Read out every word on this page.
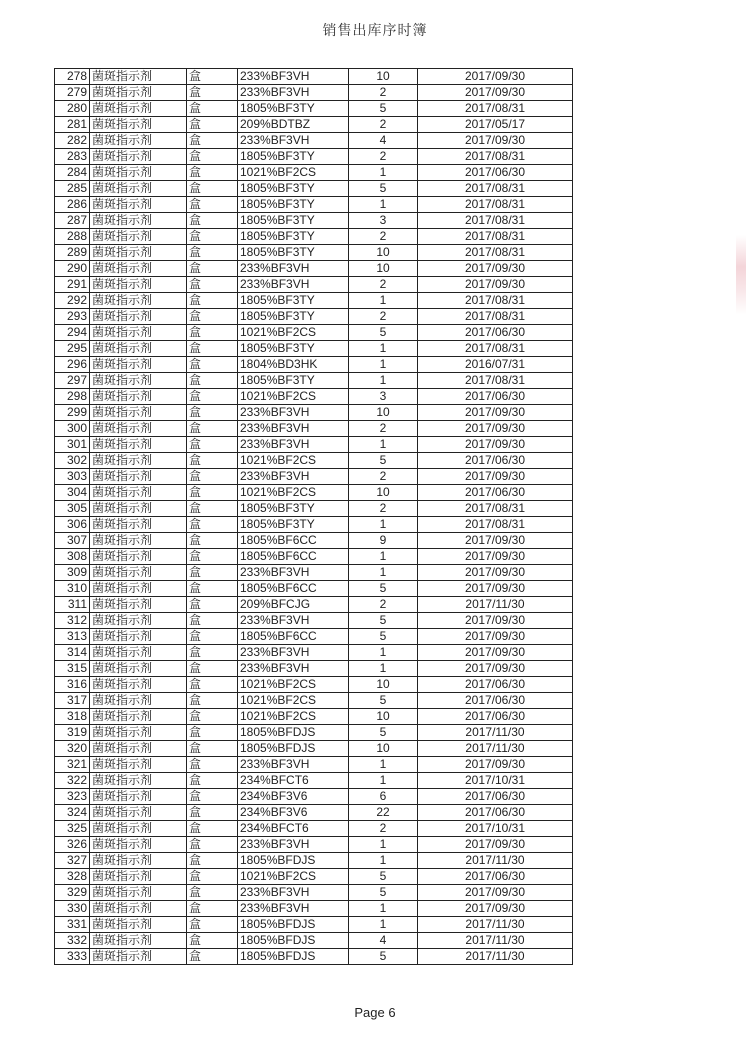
销售出库序时簿
278	菌斑指示剂	盒	233%BF3VH	10	2017/09/30
279	菌斑指示剂	盒	233%BF3VH	2	2017/09/30
280	菌斑指示剂	盒	1805%BF3TY	5	2017/08/31
281	菌斑指示剂	盒	209%BDTBZ	2	2017/05/17
282	菌斑指示剂	盒	233%BF3VH	4	2017/09/30
283	菌斑指示剂	盒	1805%BF3TY	2	2017/08/31
284	菌斑指示剂	盒	1021%BF2CS	1	2017/06/30
285	菌斑指示剂	盒	1805%BF3TY	5	2017/08/31
286	菌斑指示剂	盒	1805%BF3TY	1	2017/08/31
287	菌斑指示剂	盒	1805%BF3TY	3	2017/08/31
288	菌斑指示剂	盒	1805%BF3TY	2	2017/08/31
289	菌斑指示剂	盒	1805%BF3TY	10	2017/08/31
290	菌斑指示剂	盒	233%BF3VH	10	2017/09/30
291	菌斑指示剂	盒	233%BF3VH	2	2017/09/30
292	菌斑指示剂	盒	1805%BF3TY	1	2017/08/31
293	菌斑指示剂	盒	1805%BF3TY	2	2017/08/31
294	菌斑指示剂	盒	1021%BF2CS	5	2017/06/30
295	菌斑指示剂	盒	1805%BF3TY	1	2017/08/31
296	菌斑指示剂	盒	1804%BD3HK	1	2016/07/31
297	菌斑指示剂	盒	1805%BF3TY	1	2017/08/31
298	菌斑指示剂	盒	1021%BF2CS	3	2017/06/30
299	菌斑指示剂	盒	233%BF3VH	10	2017/09/30
300	菌斑指示剂	盒	233%BF3VH	2	2017/09/30
301	菌斑指示剂	盒	233%BF3VH	1	2017/09/30
302	菌斑指示剂	盒	1021%BF2CS	5	2017/06/30
303	菌斑指示剂	盒	233%BF3VH	2	2017/09/30
304	菌斑指示剂	盒	1021%BF2CS	10	2017/06/30
305	菌斑指示剂	盒	1805%BF3TY	2	2017/08/31
306	菌斑指示剂	盒	1805%BF3TY	1	2017/08/31
307	菌斑指示剂	盒	1805%BF6CC	9	2017/09/30
308	菌斑指示剂	盒	1805%BF6CC	1	2017/09/30
309	菌斑指示剂	盒	233%BF3VH	1	2017/09/30
310	菌斑指示剂	盒	1805%BF6CC	5	2017/09/30
311	菌斑指示剂	盒	209%BFCJG	2	2017/11/30
312	菌斑指示剂	盒	233%BF3VH	5	2017/09/30
313	菌斑指示剂	盒	1805%BF6CC	5	2017/09/30
314	菌斑指示剂	盒	233%BF3VH	1	2017/09/30
315	菌斑指示剂	盒	233%BF3VH	1	2017/09/30
316	菌斑指示剂	盒	1021%BF2CS	10	2017/06/30
317	菌斑指示剂	盒	1021%BF2CS	5	2017/06/30
318	菌斑指示剂	盒	1021%BF2CS	10	2017/06/30
319	菌斑指示剂	盒	1805%BFDJS	5	2017/11/30
320	菌斑指示剂	盒	1805%BFDJS	10	2017/11/30
321	菌斑指示剂	盒	233%BF3VH	1	2017/09/30
322	菌斑指示剂	盒	234%BFCT6	1	2017/10/31
323	菌斑指示剂	盒	234%BF3V6	6	2017/06/30
324	菌斑指示剂	盒	234%BF3V6	22	2017/06/30
325	菌斑指示剂	盒	234%BFCT6	2	2017/10/31
326	菌斑指示剂	盒	233%BF3VH	1	2017/09/30
327	菌斑指示剂	盒	1805%BFDJS	1	2017/11/30
328	菌斑指示剂	盒	1021%BF2CS	5	2017/06/30
329	菌斑指示剂	盒	233%BF3VH	5	2017/09/30
330	菌斑指示剂	盒	233%BF3VH	1	2017/09/30
331	菌斑指示剂	盒	1805%BFDJS	1	2017/11/30
332	菌斑指示剂	盒	1805%BFDJS	4	2017/11/30
333	菌斑指示剂	盒	1805%BFDJS	5	2017/11/30
Page 6
